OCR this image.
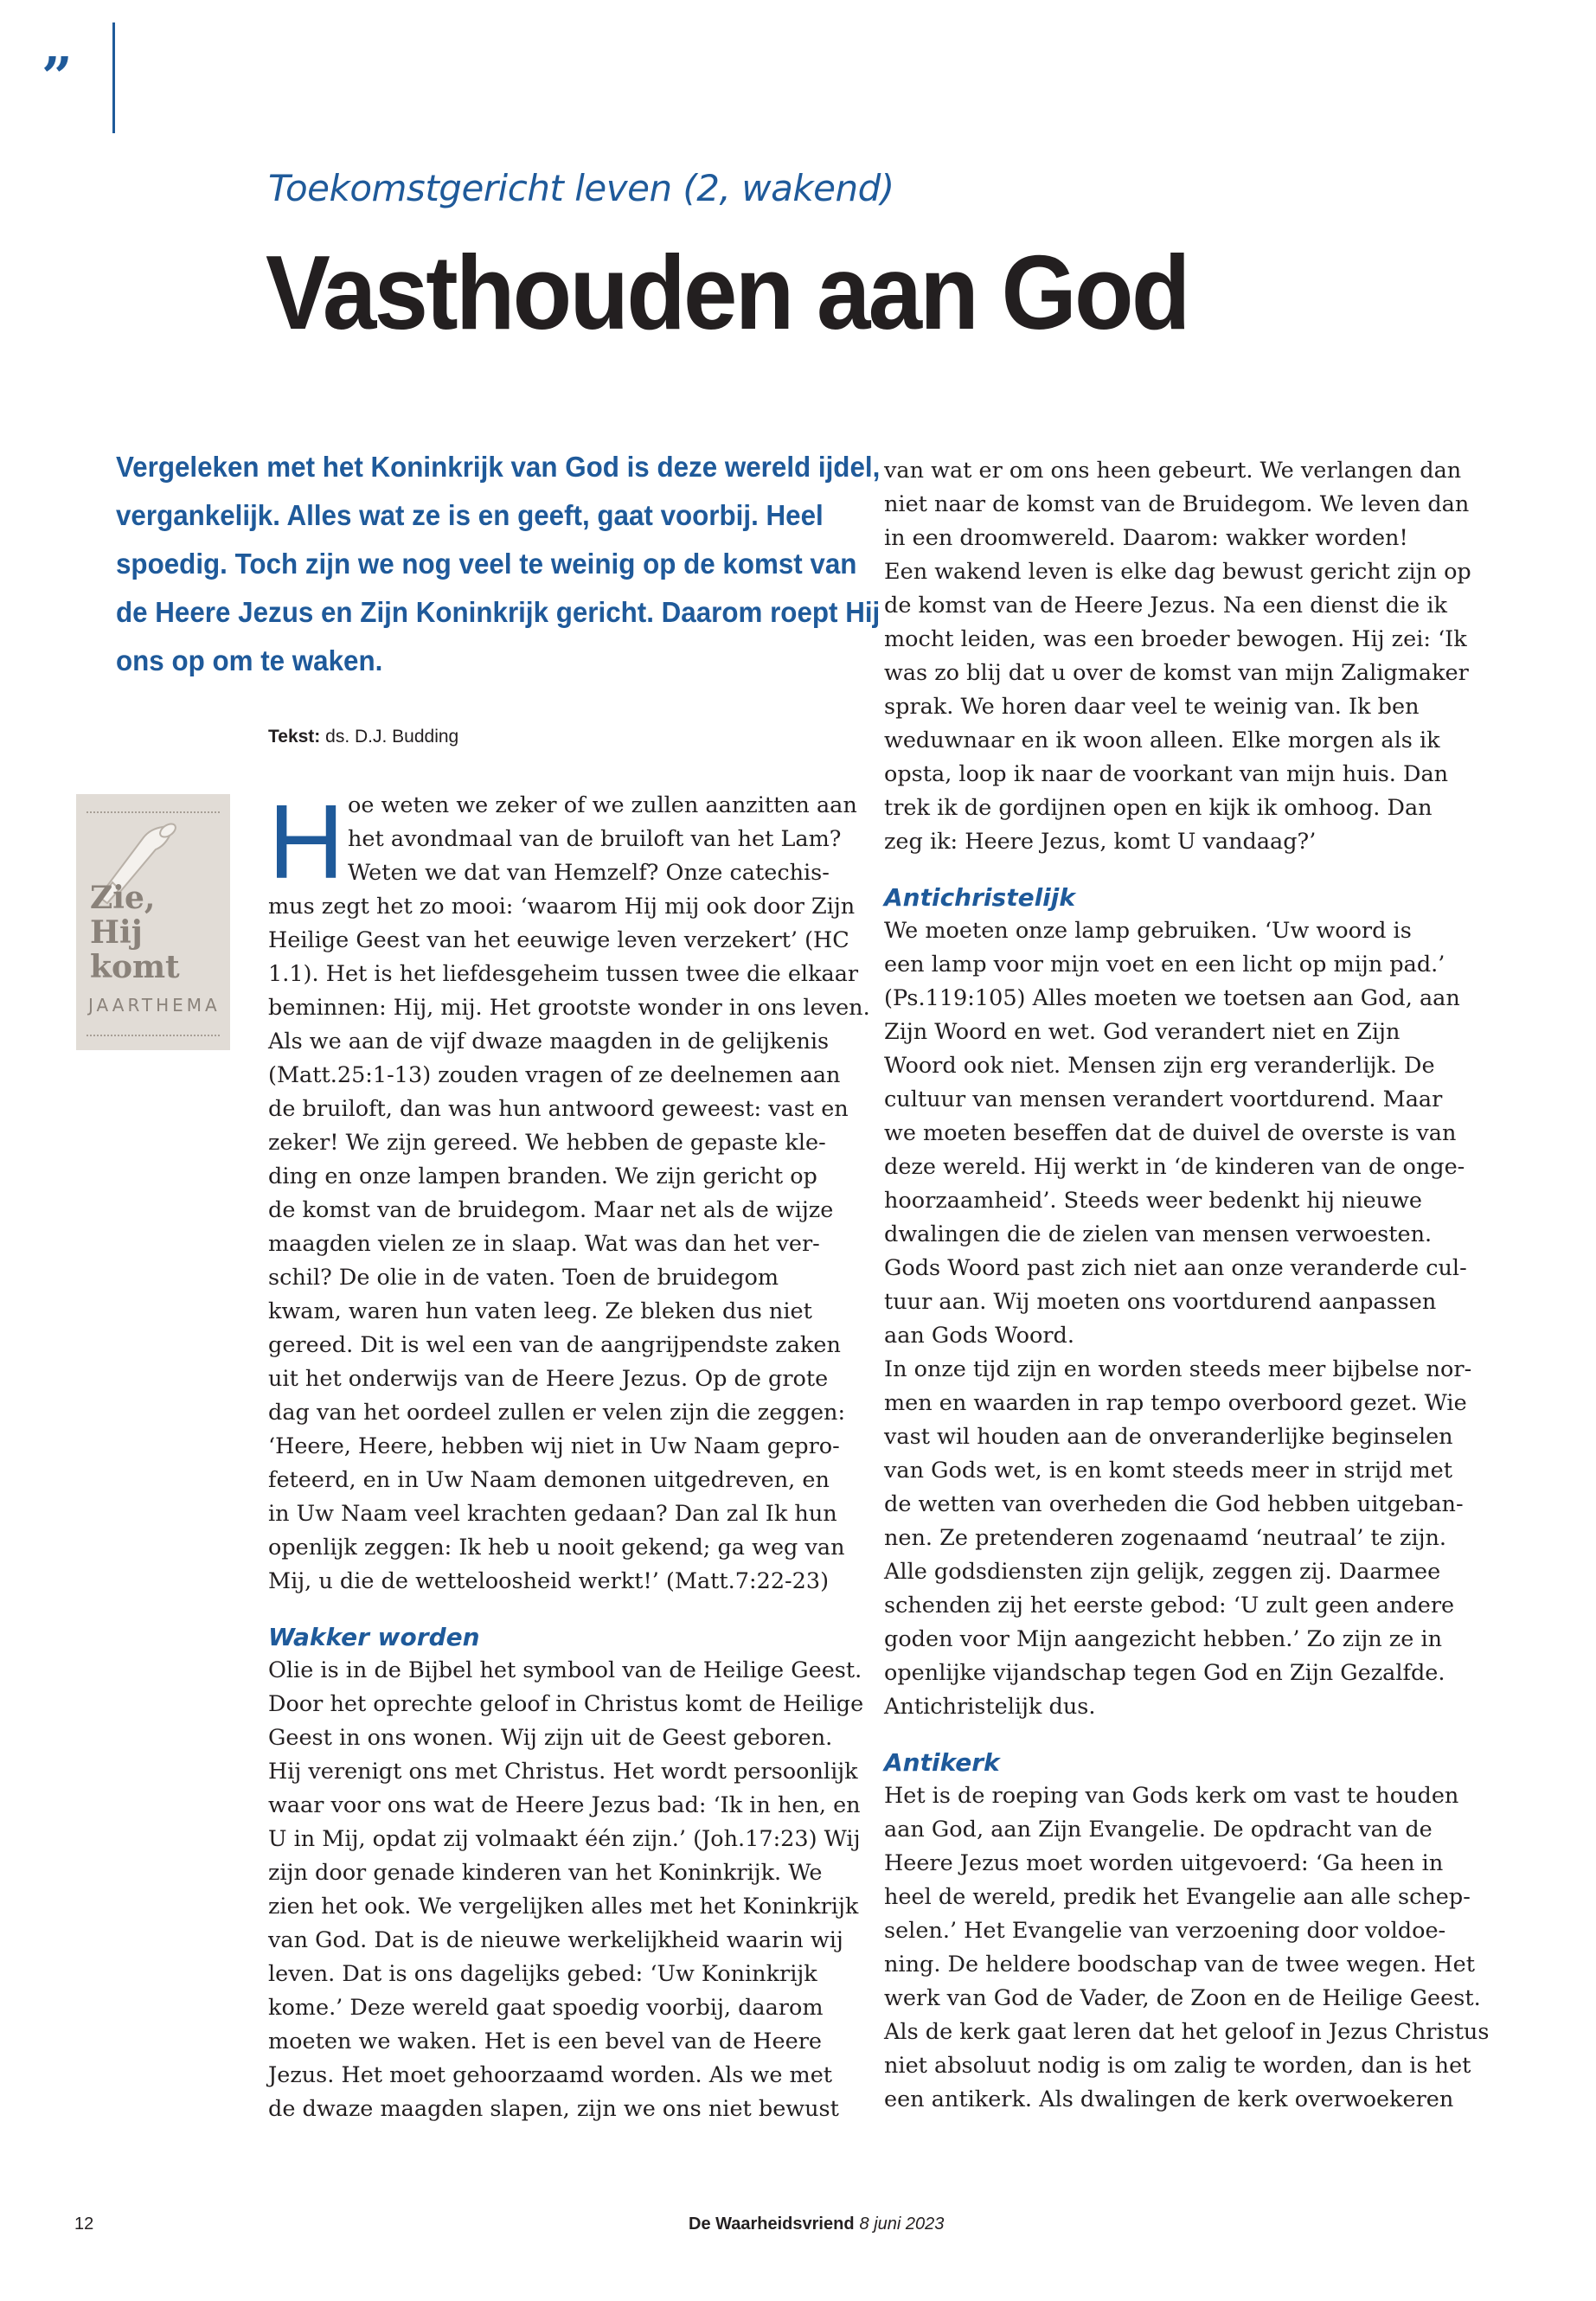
”
Toekomstgericht leven (2, wakend)
Vasthouden aan God
Vergeleken met het Koninkrijk van God is deze wereld ijdel,
vergankelijk. Alles wat ze is en geeft, gaat voorbij. Heel
spoedig. Toch zijn we nog veel te weinig op de komst van
de Heere Jezus en Zijn Koninkrijk gericht. Daarom roept Hij
ons op om te waken.
Tekst: ds. D.J. Budding
Zie,
Hij
komt
JAARTHEMA
H oe weten we zeker of we zullen aanzitten aan
het avondmaal van de bruiloft van het Lam?
Weten we dat van Hemzelf? Onze catechis-
mus zegt het zo mooi: ‘waarom Hij mij ook door Zijn
Heilige Geest van het eeuwige leven verzekert’ (HC
1.1). Het is het liefdesgeheim tussen twee die elkaar
beminnen: Hij, mij. Het grootste wonder in ons leven.
Als we aan de vijf dwaze maagden in de gelijkenis
(Matt.25:1-13) zouden vragen of ze deelnemen aan
de bruiloft, dan was hun antwoord geweest: vast en
zeker! We zijn gereed. We hebben de gepaste kle-
ding en onze lampen branden. We zijn gericht op
de komst van de bruidegom. Maar net als de wijze
maagden vielen ze in slaap. Wat was dan het ver-
schil? De olie in de vaten. Toen de bruidegom
kwam, waren hun vaten leeg. Ze bleken dus niet
gereed. Dit is wel een van de aangrijpendste zaken
uit het onderwijs van de Heere Jezus. Op de grote
dag van het oordeel zullen er velen zijn die zeggen:
‘Heere, Heere, hebben wij niet in Uw Naam gepro-
feteerd, en in Uw Naam demonen uitgedreven, en
in Uw Naam veel krachten gedaan? Dan zal Ik hun
openlijk zeggen: Ik heb u nooit gekend; ga weg van
Mij, u die de wetteloosheid werkt!’ (Matt.7:22-23)
Wakker worden
Olie is in de Bijbel het symbool van de Heilige Geest.
Door het oprechte geloof in Christus komt de Heilige
Geest in ons wonen. Wij zijn uit de Geest geboren.
Hij verenigt ons met Christus. Het wordt persoonlijk
waar voor ons wat de Heere Jezus bad: ‘Ik in hen, en
U in Mij, opdat zij volmaakt één zijn.’ (Joh.17:23) Wij
zijn door genade kinderen van het Koninkrijk. We
zien het ook. We vergelijken alles met het Koninkrijk
van God. Dat is de nieuwe werkelijkheid waarin wij
leven. Dat is ons dagelijks gebed: ‘Uw Koninkrijk
kome.’ Deze wereld gaat spoedig voorbij, daarom
moeten we waken. Het is een bevel van de Heere
Jezus. Het moet gehoorzaamd worden. Als we met
de dwaze maagden slapen, zijn we ons niet bewust
van wat er om ons heen gebeurt. We verlangen dan
niet naar de komst van de Bruidegom. We leven dan
in een droomwereld. Daarom: wakker worden!
Een wakend leven is elke dag bewust gericht zijn op
de komst van de Heere Jezus. Na een dienst die ik
mocht leiden, was een broeder bewogen. Hij zei: ‘Ik
was zo blij dat u over de komst van mijn Zaligmaker
sprak. We horen daar veel te weinig van. Ik ben
weduwnaar en ik woon alleen. Elke morgen als ik
opsta, loop ik naar de voorkant van mijn huis. Dan
trek ik de gordijnen open en kijk ik omhoog. Dan
zeg ik: Heere Jezus, komt U vandaag?’
Antichristelijk
We moeten onze lamp gebruiken. ‘Uw woord is
een lamp voor mijn voet en een licht op mijn pad.’
(Ps.119:105) Alles moeten we toetsen aan God, aan
Zijn Woord en wet. God verandert niet en Zijn
Woord ook niet. Mensen zijn erg veranderlijk. De
cultuur van mensen verandert voortdurend. Maar
we moeten beseffen dat de duivel de overste is van
deze wereld. Hij werkt in ‘de kinderen van de onge-
hoorzaamheid’. Steeds weer bedenkt hij nieuwe
dwalingen die de zielen van mensen verwoesten.
Gods Woord past zich niet aan onze veranderde cul-
tuur aan. Wij moeten ons voortdurend aanpassen
aan Gods Woord.
In onze tijd zijn en worden steeds meer bijbelse nor-
men en waarden in rap tempo overboord gezet. Wie
vast wil houden aan de onveranderlijke beginselen
van Gods wet, is en komt steeds meer in strijd met
de wetten van overheden die God hebben uitgeban-
nen. Ze pretenderen zogenaamd ‘neutraal’ te zijn.
Alle godsdiensten zijn gelijk, zeggen zij. Daarmee
schenden zij het eerste gebod: ‘U zult geen andere
goden voor Mijn aangezicht hebben.’ Zo zijn ze in
openlijke vijandschap tegen God en Zijn Gezalfde.
Antichristelijk dus.
Antikerk
Het is de roeping van Gods kerk om vast te houden
aan God, aan Zijn Evangelie. De opdracht van de
Heere Jezus moet worden uitgevoerd: ‘Ga heen in
heel de wereld, predik het Evangelie aan alle schep-
selen.’ Het Evangelie van verzoening door voldoe-
ning. De heldere boodschap van de twee wegen. Het
werk van God de Vader, de Zoon en de Heilige Geest.
Als de kerk gaat leren dat het geloof in Jezus Christus
niet absoluut nodig is om zalig te worden, dan is het
een antikerk. Als dwalingen de kerk overwoekeren
12	De Waarheidsvriend 8 juni 2023
